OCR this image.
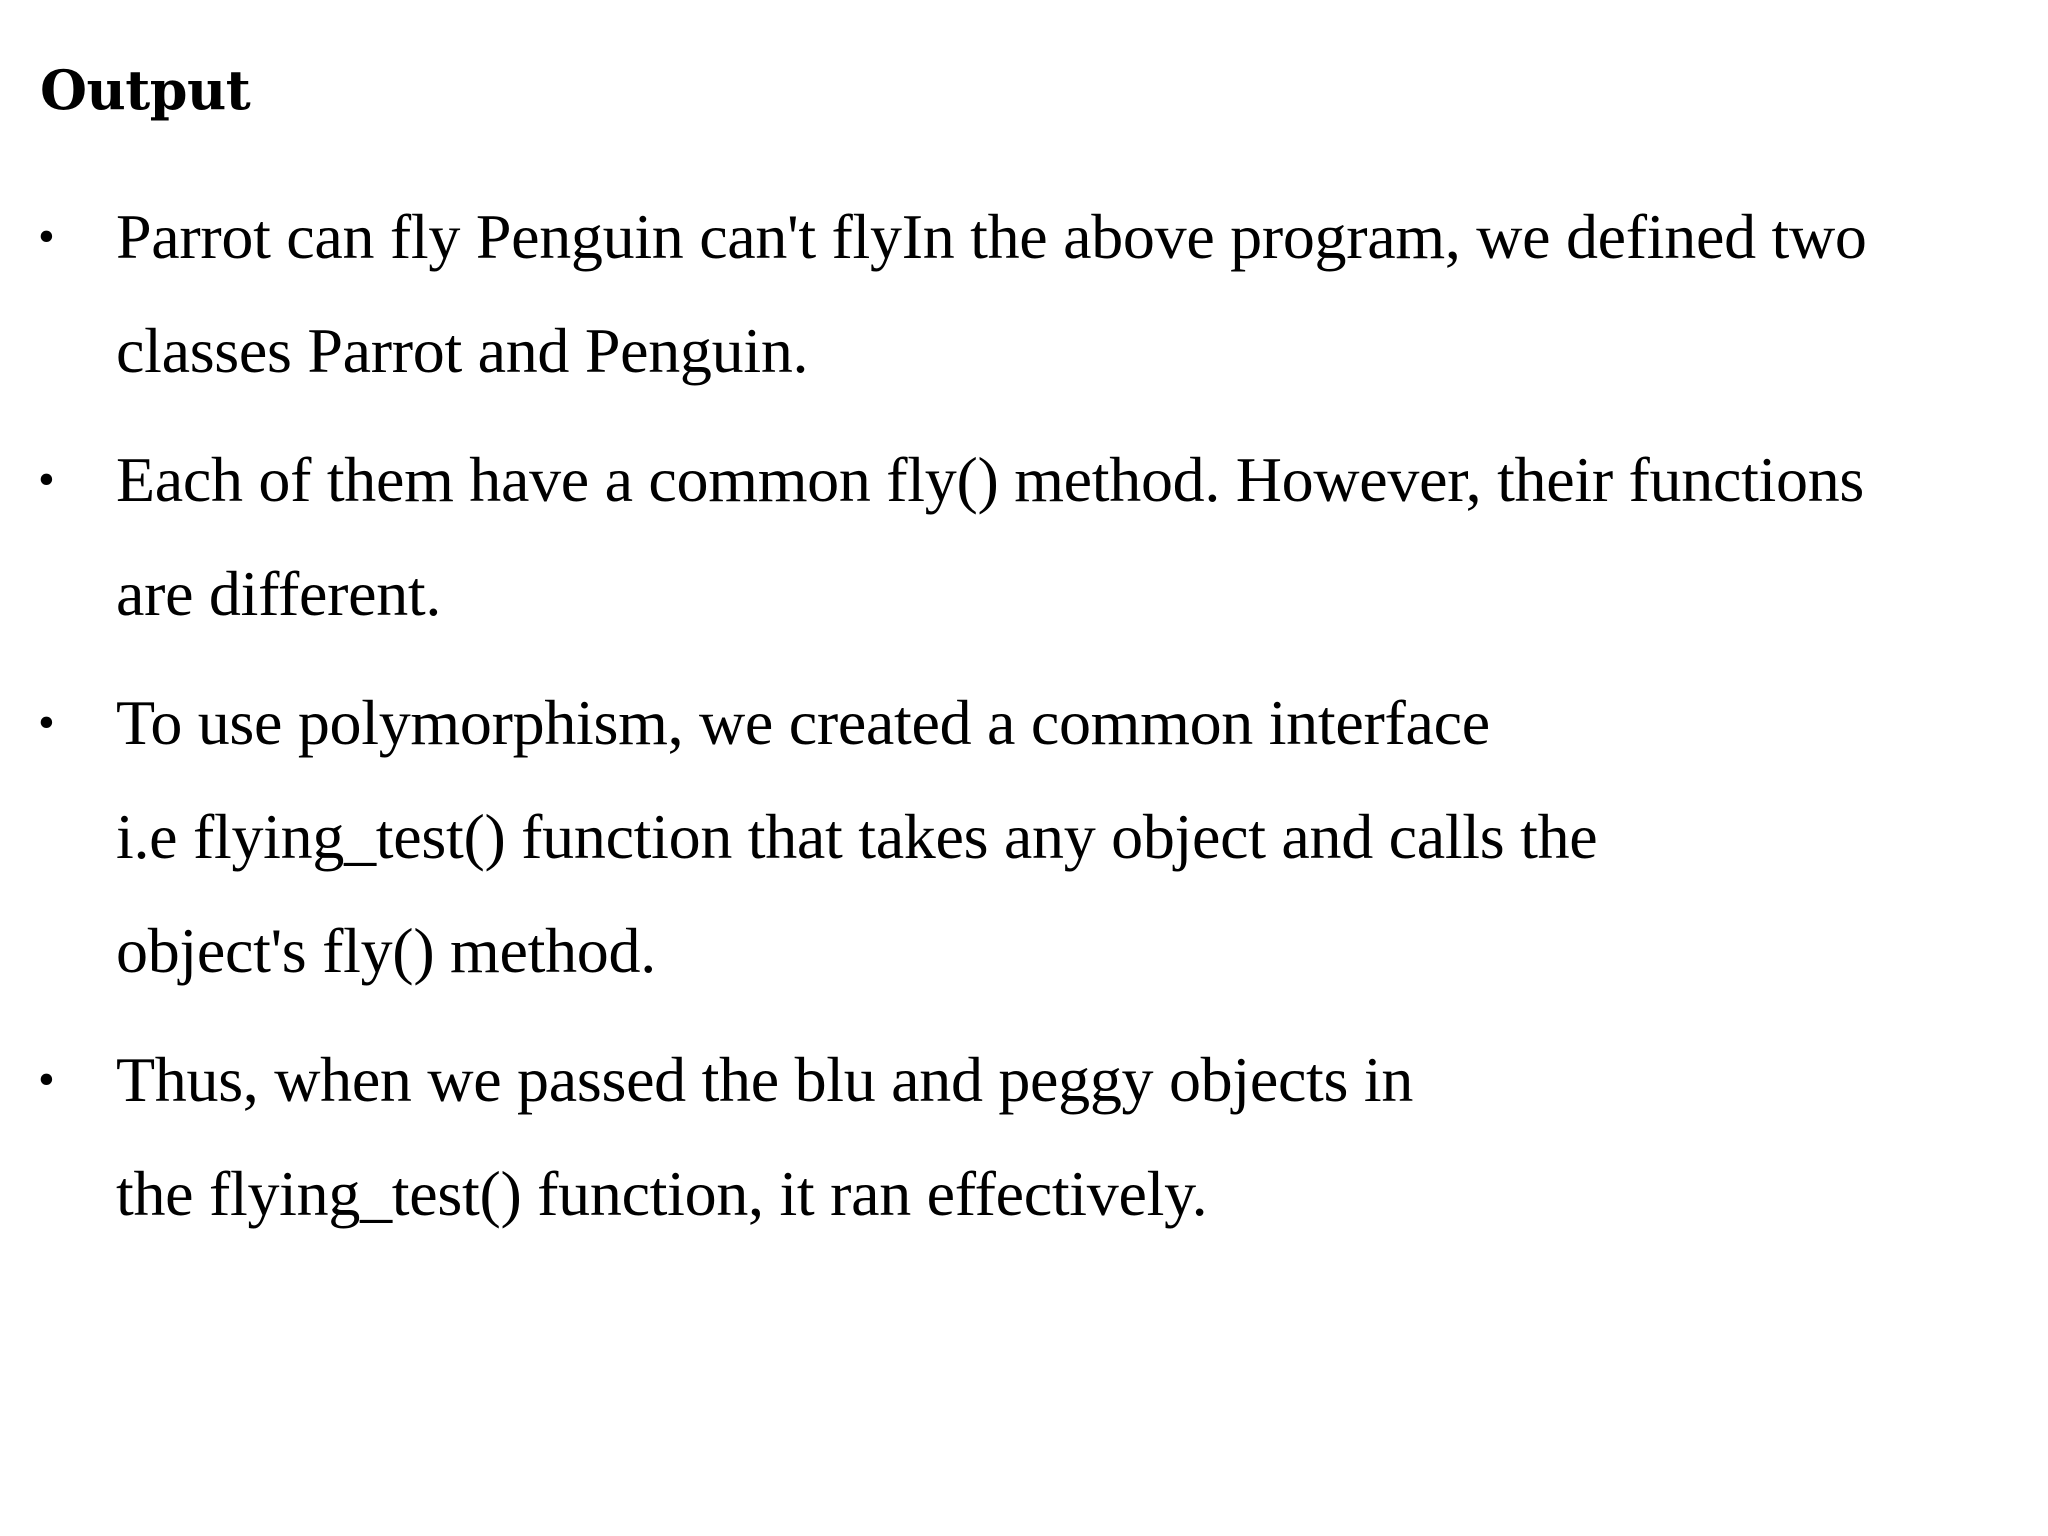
Output
• Parrot can fly Penguin can't flyIn the above program, we defined two
classes Parrot and Penguin.
• Each of them have a common fly() method. However, their functions
are different.
• To use polymorphism, we created a common interface
i.e flying_test() function that takes any object and calls the
object's fly() method.
• Thus, when we passed the blu and peggy objects in
the flying_test() function, it ran effectively.
